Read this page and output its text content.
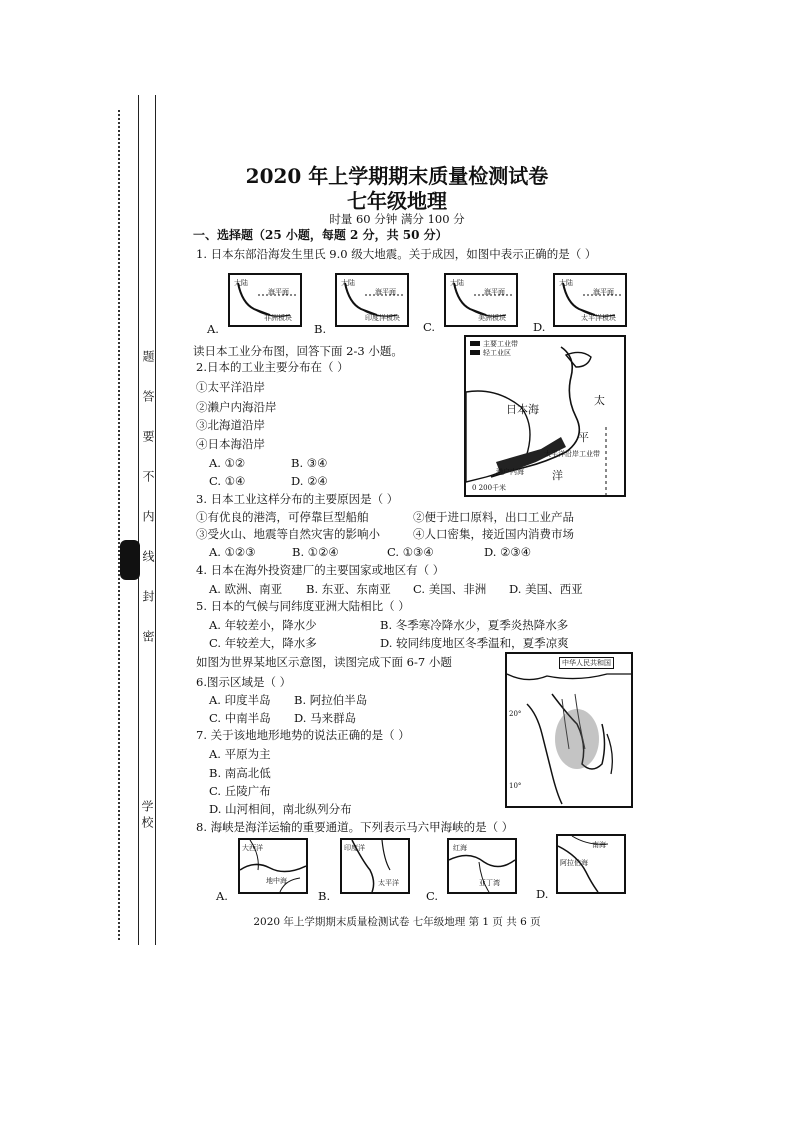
学校
题答要不内线封密
2020 年上学期期末质量检测试卷
七年级地理
时量 60 分钟 满分 100 分
一、选择题（25 小题，每题 2 分，共 50 分）
1. 日本东部沿海发生里氏 9.0 级大地震。关于成因，如图中表示正确的是（ ）
大陆
海平面
非洲板块
A.
大陆
海平面
印度洋板块
B.
大陆
海平面
美洲板块
C.
大陆
海平面
太平洋板块
D.
读日本工业分布图，回答下面 2-3 小题。	主要工业带
轻工业区
日本海
太
平
洋
太平洋沿岸工业带
濑户内海
0 200千米
2.日本的工业主要分布在（ ）
①太平洋沿岸
②濑户内海沿岸
③北海道沿岸
④日本海沿岸
A. ①②	B. ③④
C. ①④	D. ②④
3. 日本工业这样分布的主要原因是（ ）
①有优良的港湾，可停靠巨型船舶	②便于进口原料，出口工业产品
③受火山、地震等自然灾害的影响小	④人口密集，接近国内消费市场
A. ①②③	B. ①②④	C. ①③④	D. ②③④
4. 日本在海外投资建厂的主要国家或地区有（ ）
A. 欧洲、南亚 B. 东亚、东南亚 C. 美国、非洲 D. 美国、西亚
5. 日本的气候与同纬度亚洲大陆相比（ ）
A. 年较差小，降水少	B. 冬季寒冷降水少，夏季炎热降水多
C. 年较差大，降水多	D. 较同纬度地区冬季温和，夏季凉爽
如图为世界某地区示意图，读图完成下面 6-7 小题	中华人民共和国
20°
10°
6.图示区域是（ ）
A. 印度半岛 B. 阿拉伯半岛
C. 中南半岛 D. 马来群岛
7. 关于该地地形地势的说法正确的是（ ）
A. 平原为主
B. 南高北低
C. 丘陵广布
D. 山河相间，南北纵列分布
8. 海峡是海洋运输的重要通道。下列表示马六甲海峡的是（ ）
大西洋
地中海
A.
印度洋
太平洋
B.
红海
亚丁湾
C.
阿拉伯海
南海
D.
2020 年上学期期末质量检测试卷 七年级地理 第 1 页 共 6 页
